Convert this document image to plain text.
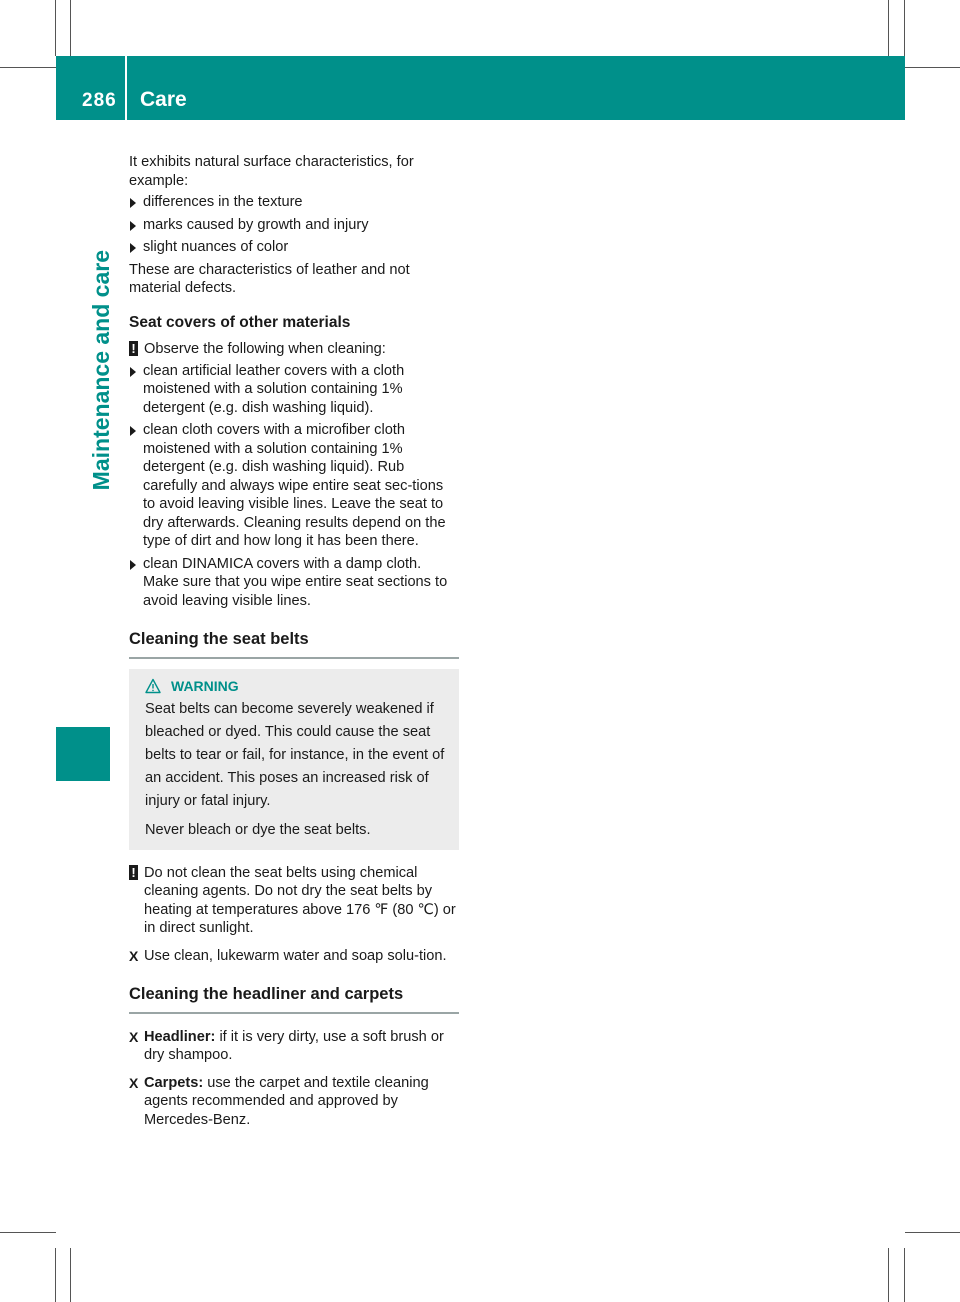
286 Care
Maintenance and care

It exhibits natural surface characteristics, for example:

differences in the texture
marks caused by growth and injury
slight nuances of color

These are characteristics of leather and not material defects.

Seat covers of other materials
! Observe the following when cleaning:
clean artificial leather covers with a cloth moistened with a solution containing 1% detergent (e.g. dish washing liquid).
clean cloth covers with a microfiber cloth moistened with a solution containing 1% detergent (e.g. dish washing liquid). Rub carefully and always wipe entire seat sec-tions to avoid leaving visible lines. Leave the seat to dry afterwards. Cleaning results depend on the type of dirt and how long it has been there.
clean DINAMICA covers with a damp cloth. Make sure that you wipe entire seat sections to avoid leaving visible lines.
Cleaning the seat belts
WARNING

Seat belts can become severely weakened if bleached or dyed. This could cause the seat belts to tear or fail, for instance, in the event of an accident. This poses an increased risk of injury or fatal injury.

Never bleach or dye the seat belts.

! Do not clean the seat belts using chemical cleaning agents. Do not dry the seat belts by heating at temperatures above 176 ℉ (80 ℃) or in direct sunlight.
X Use clean, lukewarm water and soap solu-tion.
Cleaning the headliner and carpets
X Headliner: if it is very dirty, use a soft brush or dry shampoo.
X Carpets: use the carpet and textile cleaning agents recommended and approved by Mercedes-Benz.
